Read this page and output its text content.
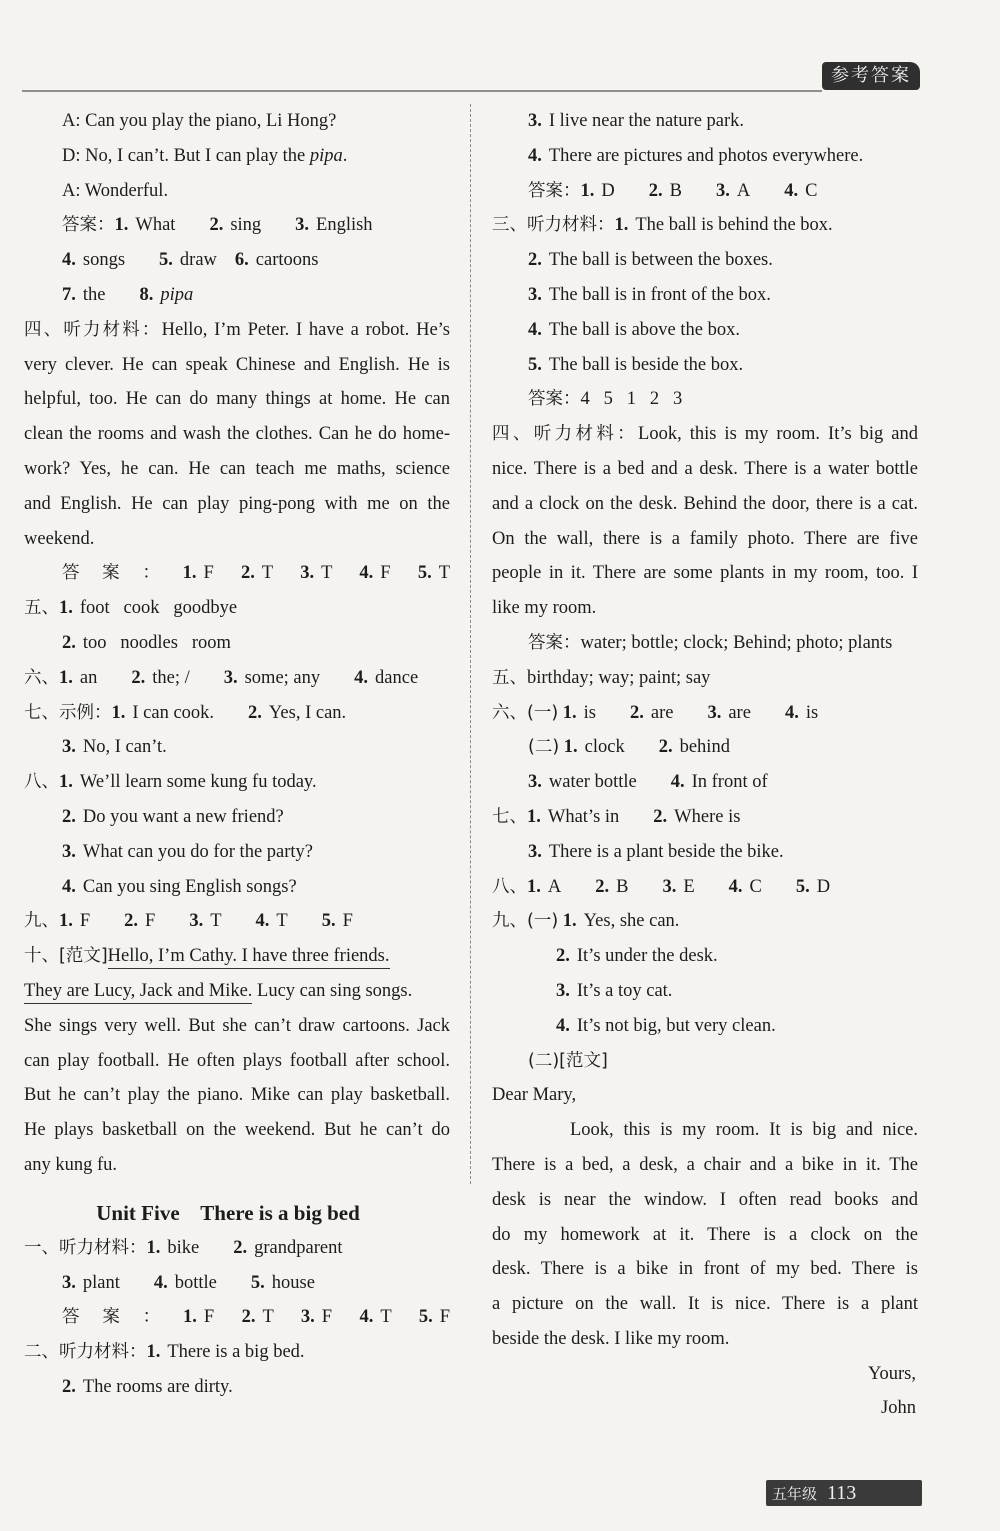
参考答案
A: Can you play the piano, Li Hong?
D: No, I can’t. But I can play the pipa.
A: Wonderful.
答案：1. What 2. sing 3. English
4. songs 5. draw 6. cartoons
7. the 8. pipa
四、听力材料：Hello, I’m Peter. I have a robot. He’s
very clever. He can speak Chinese and English. He is
helpful, too. He can do many things at home. He can
clean the rooms and wash the clothes. Can he do home-
work? Yes, he can. He can teach me maths, science
and English. He can play ping-pong with me on the
weekend.
答案：1. F 2. T 3. T 4. F 5. T
五、1. foot   cook   goodbye
2. too   noodles   room
六、1. an 2. the; / 3. some; any 4. dance
七、示例：1. I can cook. 2. Yes, I can.
3. No, I can’t.
八、1. We’ll learn some kung fu today.
2. Do you want a new friend?
3. What can you do for the party?
4. Can you sing English songs?
九、1. F 2. F 3. T 4. T 5. F
十、[范文]Hello, I’m Cathy. I have three friends.
They are Lucy, Jack and Mike. Lucy can sing songs.
She sings very well. But she can’t draw cartoons. Jack
can play football. He often plays football after school.
But he can’t play the piano. Mike can play basketball.
He plays basketball on the weekend. But he can’t do
any kung fu.
Unit Five    There is a big bed
一、听力材料：1. bike 2. grandparent
3. plant 4. bottle 5. house
答案：1. F 2. T 3. F 4. T 5. F
二、听力材料：1. There is a big bed.
2. The rooms are dirty.
3. I live near the nature park.
4. There are pictures and photos everywhere.
答案：1. D 2. B 3. A 4. C
三、听力材料：1. The ball is behind the box.
2. The ball is between the boxes.
3. The ball is in front of the box.
4. The ball is above the box.
5. The ball is beside the box.
答案：4   5   1   2   3
四、听力材料：Look, this is my room. It’s big and
nice. There is a bed and a desk. There is a water bottle
and a clock on the desk. Behind the door, there is a cat.
On the wall, there is a family photo. There are five
people in it. There are some plants in my room, too. I
like my room.
答案：water; bottle; clock; Behind; photo; plants
五、birthday; way; paint; say
六、(一) 1. is 2. are 3. are 4. is
(二) 1. clock 2. behind
3. water bottle 4. In front of
七、1. What’s in 2. Where is
3. There is a plant beside the bike.
八、1. A 2. B 3. E 4. C 5. D
九、(一) 1. Yes, she can.
2. It’s under the desk.
3. It’s a toy cat.
4. It’s not big, but very clean.
(二)[范文]
Dear Mary,
Look, this is my room. It is big and nice.
There is a bed, a desk, a chair and a bike in it. The
desk is near the window. I often read books and
do my homework at it. There is a clock on the
desk. There is a bike in front of my bed. There is
a picture on the wall. It is nice. There is a plant
beside the desk. I like my room.
Yours,
John
五年级 113
